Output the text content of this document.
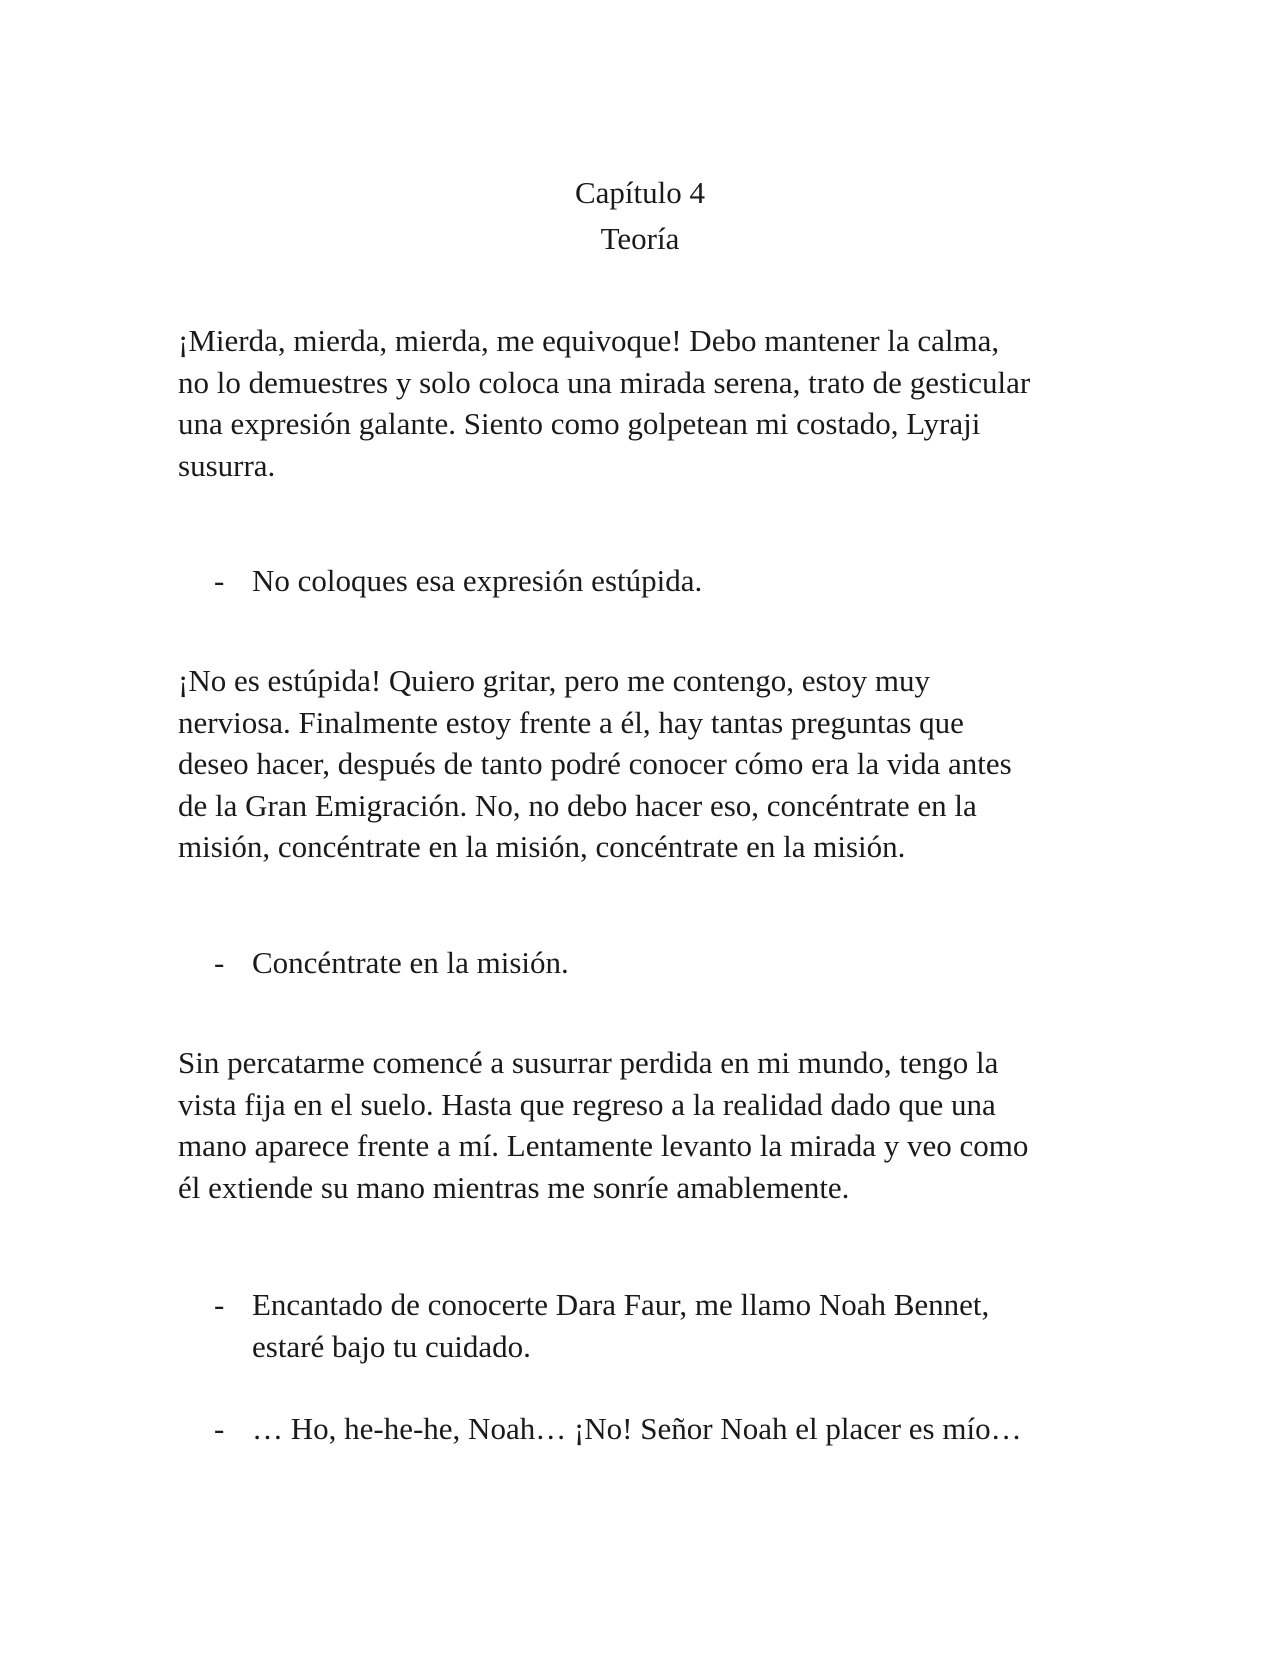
Capítulo 4
Teoría
¡Mierda, mierda, mierda, me equivoque! Debo mantener la calma,
no lo demuestres y solo coloca una mirada serena, trato de gesticular
una expresión galante. Siento como golpetean mi costado, Lyraji
susurra.
- No coloques esa expresión estúpida.
¡No es estúpida! Quiero gritar, pero me contengo, estoy muy
nerviosa. Finalmente estoy frente a él, hay tantas preguntas que
deseo hacer, después de tanto podré conocer cómo era la vida antes
de la Gran Emigración. No, no debo hacer eso, concéntrate en la
misión, concéntrate en la misión, concéntrate en la misión.
- Concéntrate en la misión.
Sin percatarme comencé a susurrar perdida en mi mundo, tengo la
vista fija en el suelo. Hasta que regreso a la realidad dado que una
mano aparece frente a mí. Lentamente levanto la mirada y veo como
él extiende su mano mientras me sonríe amablemente.
- Encantado de conocerte Dara Faur, me llamo Noah Bennet,
estaré bajo tu cuidado.
- … Ho, he-he-he, Noah… ¡No! Señor Noah el placer es mío…
